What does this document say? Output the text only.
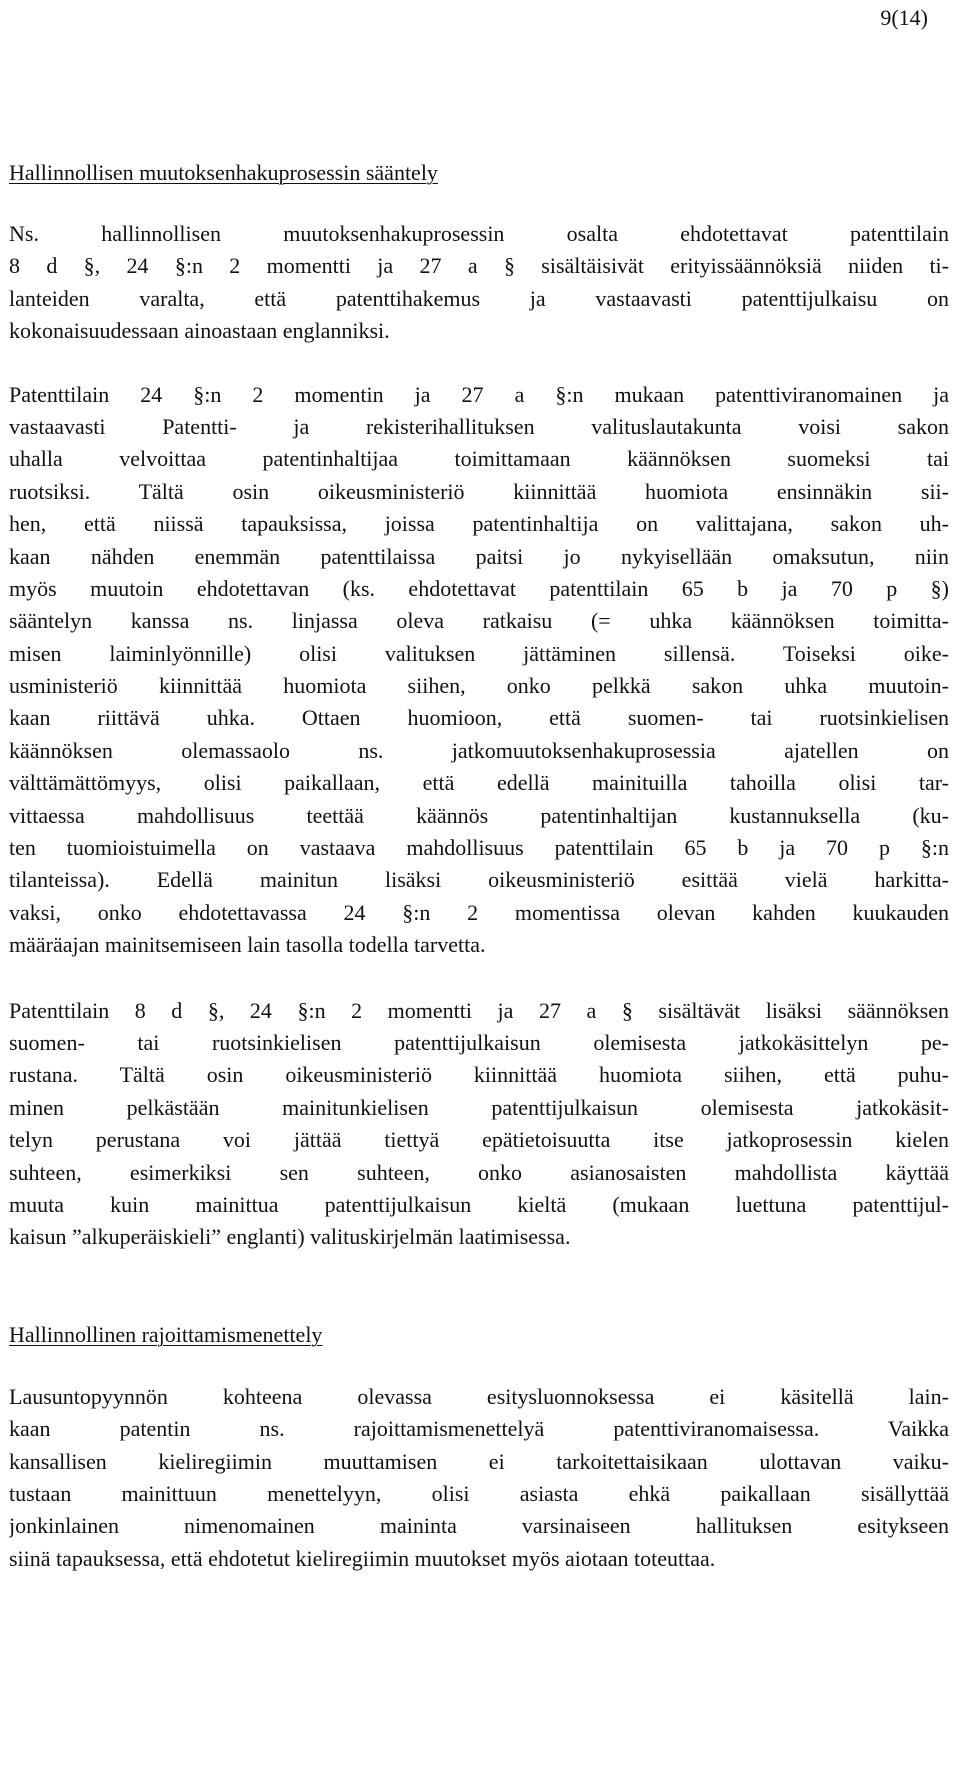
9(14)
Hallinnollisen muutoksenhakuprosessin sääntely
Ns. hallinnollisen muutoksenhakuprosessin osalta ehdotettavat patenttilain
8 d §, 24 §:n 2 momentti ja 27 a § sisältäisivät erityissäännöksiä niiden ti-
lanteiden varalta, että patenttihakemus ja vastaavasti patenttijulkaisu on
kokonaisuudessaan ainoastaan englanniksi.
Patenttilain 24 §:n 2 momentin ja 27 a §:n mukaan patenttiviranomainen ja
vastaavasti Patentti- ja rekisterihallituksen valituslautakunta voisi sakon
uhalla velvoittaa patentinhaltijaa toimittamaan käännöksen suomeksi tai
ruotsiksi. Tältä osin oikeusministeriö kiinnittää huomiota ensinnäkin sii-
hen, että niissä tapauksissa, joissa patentinhaltija on valittajana, sakon uh-
kaan nähden enemmän patenttilaissa paitsi jo nykyisellään omaksutun, niin
myös muutoin ehdotettavan (ks. ehdotettavat patenttilain 65 b ja 70 p §)
sääntelyn kanssa ns. linjassa oleva ratkaisu (= uhka käännöksen toimitta-
misen laiminlyönnille) olisi valituksen jättäminen sillensä. Toiseksi oike-
usministeriö kiinnittää huomiota siihen, onko pelkkä sakon uhka muutoin-
kaan riittävä uhka. Ottaen huomioon, että suomen- tai ruotsinkielisen
käännöksen olemassaolo ns. jatkomuutoksenhakuprosessia ajatellen on
välttämättömyys, olisi paikallaan, että edellä mainituilla tahoilla olisi tar-
vittaessa mahdollisuus teettää käännös patentinhaltijan kustannuksella (ku-
ten tuomioistuimella on vastaava mahdollisuus patenttilain 65 b ja 70 p §:n
tilanteissa). Edellä mainitun lisäksi oikeusministeriö esittää vielä harkitta-
vaksi, onko ehdotettavassa 24 §:n 2 momentissa olevan kahden kuukauden
määräajan mainitsemiseen lain tasolla todella tarvetta.
Patenttilain 8 d §, 24 §:n 2 momentti ja 27 a § sisältävät lisäksi säännöksen
suomen- tai ruotsinkielisen patenttijulkaisun olemisesta jatkokäsittelyn pe-
rustana. Tältä osin oikeusministeriö kiinnittää huomiota siihen, että puhu-
minen pelkästään mainitunkielisen patenttijulkaisun olemisesta jatkokäsit-
telyn perustana voi jättää tiettyä epätietoisuutta itse jatkoprosessin kielen
suhteen, esimerkiksi sen suhteen, onko asianosaisten mahdollista käyttää
muuta kuin mainittua patenttijulkaisun kieltä (mukaan luettuna patenttijul-
kaisun ”alkuperäiskieli” englanti) valituskirjelmän laatimisessa.
Hallinnollinen rajoittamismenettely
Lausuntopyynnön kohteena olevassa esitysluonnoksessa ei käsitellä lain-
kaan patentin ns. rajoittamismenettelyä patenttiviranomaisessa. Vaikka
kansallisen kieliregiimin muuttamisen ei tarkoitettaisikaan ulottavan vaiku-
tustaan mainittuun menettelyyn, olisi asiasta ehkä paikallaan sisällyttää
jonkinlainen nimenomainen maininta varsinaiseen hallituksen esitykseen
siinä tapauksessa, että ehdotetut kieliregiimin muutokset myös aiotaan toteuttaa.
